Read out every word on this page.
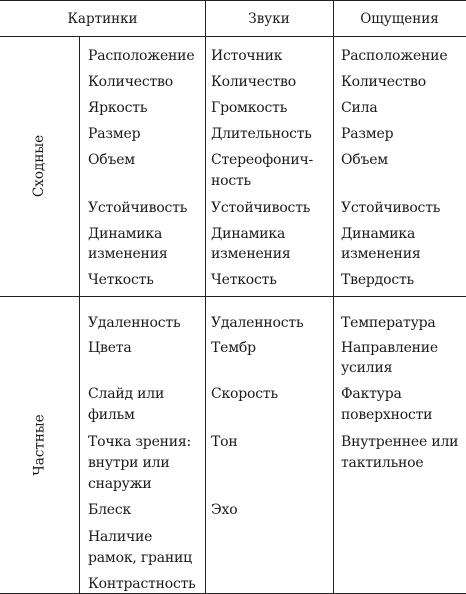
Картинки	Звуки	Ощущения
Сходные
Частные
Расположение
Количество
Яркость
Размер
Объем
Устойчивость
Динамика
изменения
Четкость
Источник
Количество
Громкость
Длительность
Стереофонич-
ность
Устойчивость
Динамика
изменения
Четкость
Расположение
Количество
Сила
Размер
Объем
Устойчивость
Динамика
изменения
Твердость
Удаленность
Цвета
Слайд или
фильм
Точка зрения:
внутри или
снаружи
Блеск
Наличие
рамок, границ
Контрастность
Удаленность
Тембр
Скорость
Тон
Эхо
Температура
Направление
усилия
Фактура
поверхности
Внутреннее или
тактильное
